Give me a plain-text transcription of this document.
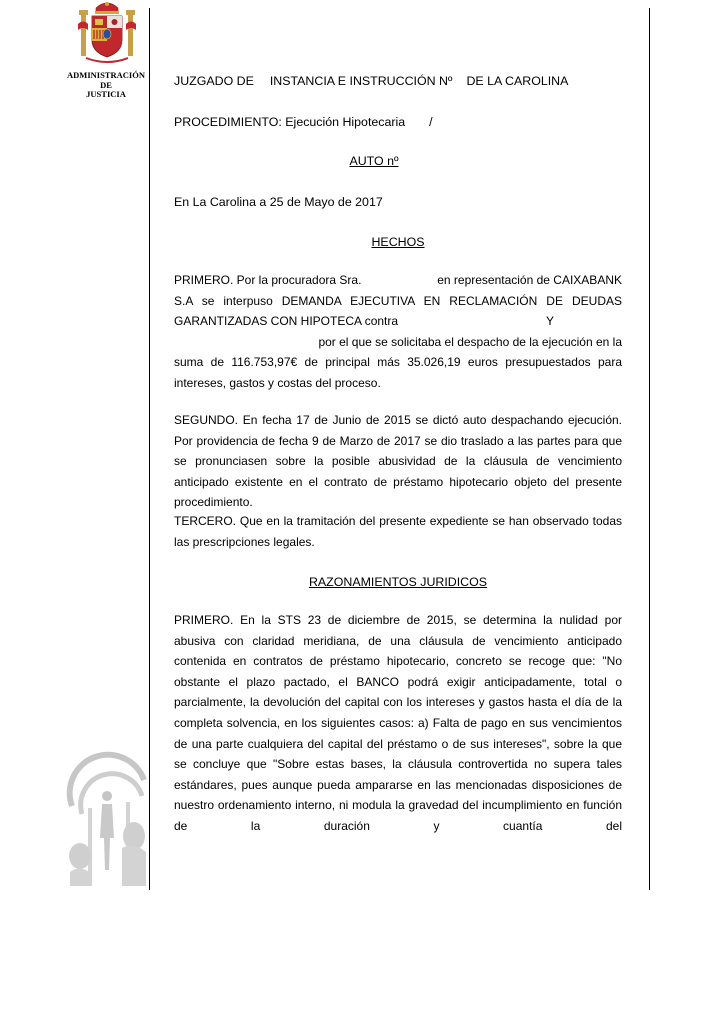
ADMINISTRACIÓN
DE
JUSTICIA
JUZGADO DE INSTANCIA E INSTRUCCIÓN Nº DE LA CAROLINA
PROCEDIMIENTO: Ejecución Hipotecaria /
AUTO nº
En La Carolina a 25 de Mayo de 2017
HECHOS
PRIMERO. Por la procuradora Sra.	en representación de CAIXABANK
S.A se interpuso DEMANDA EJECUTIVA EN RECLAMACIÓN DE DEUDAS
GARANTIZADAS CON HIPOTECA contra	Y
por el que se solicitaba el despacho de la ejecución en la
suma de 116.753,97€ de principal más 35.026,19 euros presupuestados para
intereses, gastos y costas del proceso.

SEGUNDO. En fecha 17 de Junio de 2015 se dictó auto despachando ejecución. Por providencia de fecha 9 de Marzo de 2017 se dio traslado a las partes para que se pronunciasen sobre la posible abusividad de la cláusula de vencimiento anticipado existente en el contrato de préstamo hipotecario objeto del presente procedimiento.

TERCERO. Que en la tramitación del presente expediente se han observado todas las prescripciones legales.

RAZONAMIENTOS JURIDICOS

PRIMERO. En la STS 23 de diciembre de 2015, se determina la nulidad por abusiva con claridad meridiana, de una cláusula de vencimiento anticipado contenida en contratos de préstamo hipotecario, concreto se recoge que: "No obstante el plazo pactado, el BANCO podrá exigir anticipadamente, total o parcialmente, la devolución del capital con los intereses y gastos hasta el día de la completa solvencia, en los siguientes casos: a) Falta de pago en sus vencimientos de una parte cualquiera del capital del préstamo o de sus intereses", sobre la que se concluye que "Sobre estas bases, la cláusula controvertida no supera tales estándares, pues aunque pueda ampararse en las mencionadas disposiciones de nuestro ordenamiento interno, ni modula la gravedad del incumplimiento en función de la duración y cuantía del
